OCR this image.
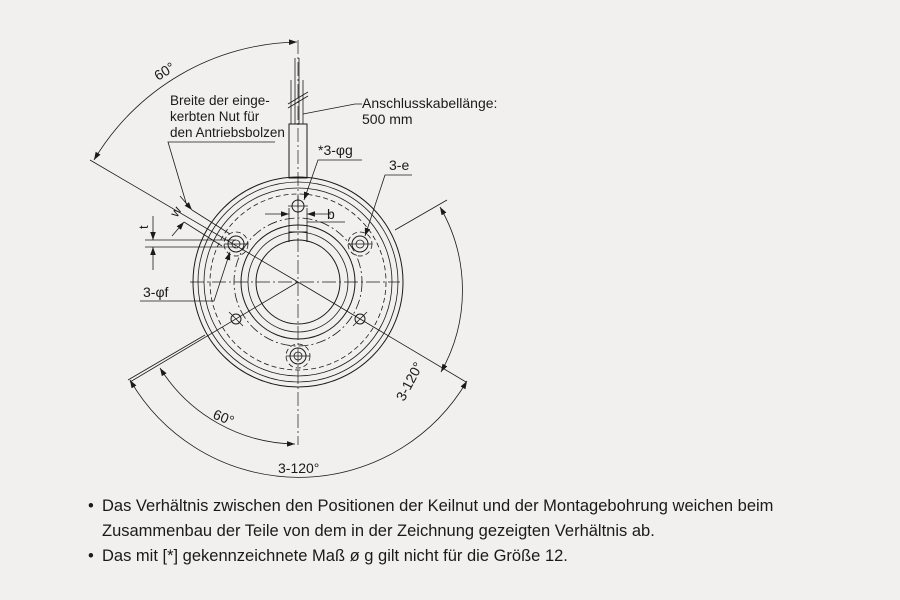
b
t
w
Breite der einge-
kerbten Nut für
den Antriebsbolzen
Anschlusskabellänge:
500 mm
*3-φg
3-e
3-φf
60°
3-120°
60°
3-120°
• Das Verhältnis zwischen den Positionen der Keilnut und der Montagebohrung weichen beim Zusammenbau der Teile von dem in der Zeichnung gezeigten Verhältnis ab.
• Das mit [*] gekennzeichnete Maß ø g gilt nicht für die Größe 12.
